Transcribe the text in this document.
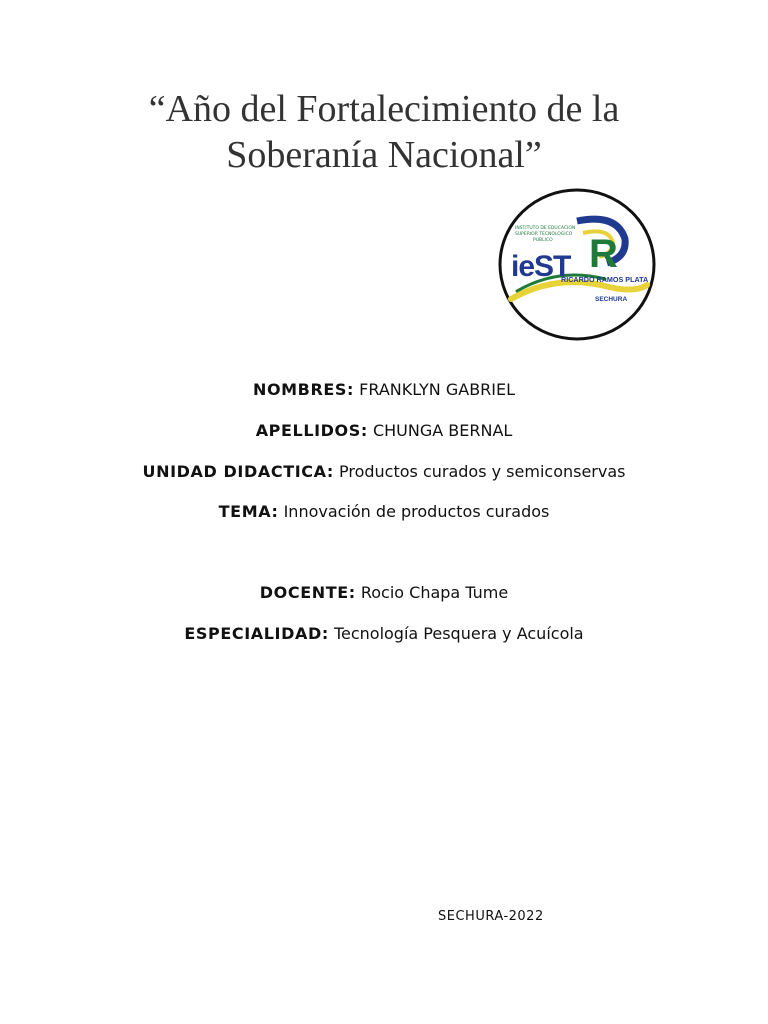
“Año del Fortalecimiento de la
Soberanía Nacional”
INSTITUTO DE EDUCACION
SUPERIOR TECNOLOGICO
PUBLICO
ieST R
RICARDO RAMOS PLATA
SECHURA
NOMBRES: FRANKLYN GABRIEL
APELLIDOS: CHUNGA BERNAL
UNIDAD DIDACTICA: Productos curados y semiconservas
TEMA: Innovación de productos curados
DOCENTE: Rocio Chapa Tume
ESPECIALIDAD: Tecnología Pesquera y Acuícola
SECHURA-2022
